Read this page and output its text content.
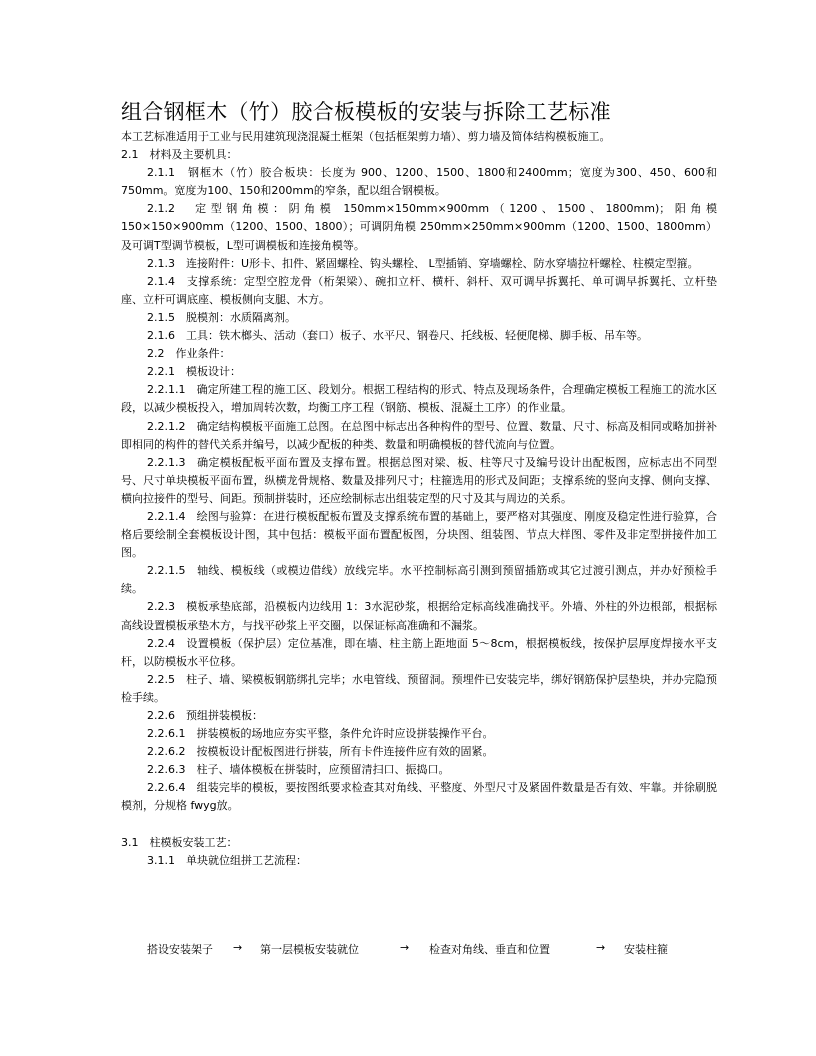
组合钢框木（竹）胶合板模板的安装与拆除工艺标准

本工艺标准适用于工业与民用建筑现浇混凝土框架（包括框架剪力墙）、剪力墙及简体结构模板施工。

2.1　材料及主要机具：

2.1.1　钢框木（竹）胶合板块：长度为 900、1200、1500、1800和2400mm；宽度为300、450、600和750mm。宽度为100、150和200mm的窄条，配以组合钢模板。

2.1.2　定型钢角模：阴角模 150mm×150mm×900mm（1200、1500、1800mm)；阳角模150×150×900mm（1200、1500、1800）；可调阴角模 250mm×250mm×900mm（1200、1500、1800mm）及可调T型调节模板，L型可调模板和连接角模等。

2.1.3　连接附件：U形卡、扣件、紧固螺栓、钩头螺栓、 L型插销、穿墙螺栓、防水穿墙拉杆螺栓、柱模定型箍。

2.1.4　支撑系统：定型空腔龙骨（桁架梁）、碗扣立杆、横杆、斜杆、双可调早拆翼托、单可调早拆翼托、立杆垫座、立杆可调底座、模板侧向支腿、木方。

2.1.5　脱模剂：水质隔离剂。

2.1.6　工具：铁木榔头、活动（套口）板子、水平尺、钢卷尺、托线板、轻便爬梯、脚手板、吊车等。

2.2　作业条件：

2.2.1　模板设计：

2.2.1.1　确定所建工程的施工区、段划分。根据工程结构的形式、特点及现场条件，合理确定模板工程施工的流水区段，以减少模板投入，增加周转次数，均衡工序工程（钢筋、模板、混凝土工序）的作业量。

2.2.1.2　确定结构模板平面施工总图。在总图中标志出各种构件的型号、位置、数量、尺寸、标高及相同或略加拼补即相同的构件的替代关系并编号，以减少配板的种类、数量和明确模板的替代流向与位置。

2.2.1.3　确定模板配板平面布置及支撑布置。根据总图对梁、板、柱等尺寸及编号设计出配板图，应标志出不同型号、尺寸单块模板平面布置，纵横龙骨规格、数量及排列尺寸；柱箍选用的形式及间距；支撑系统的竖向支撑、侧向支撑、横向拉接件的型号、间距。预制拼装时，还应绘制标志出组装定型的尺寸及其与周边的关系。

2.2.1.4　绘图与验算：在进行模板配板布置及支撑系统布置的基础上，要严格对其强度、刚度及稳定性进行验算，合格后要绘制全套模板设计图，其中包括：模板平面布置配板图，分块图、组装图、节点大样图、零件及非定型拼接件加工图。

2.2.1.5　轴线、模板线（或模边借线）放线完毕。水平控制标高引测到预留插筋或其它过渡引测点，并办好预检手续。

2.2.3　模板承垫底部，沿模板内边线用 1：3水泥砂浆，根据给定标高线准确找平。外墙、外柱的外边根部，根据标高线设置模板承垫木方，与找平砂浆上平交圈，以保证标高准确和不漏浆。

2.2.4　设置模板（保护层）定位基准，即在墙、柱主筋上距地面 5～8cm，根据模板线，按保护层厚度焊接水平支杆，以防模板水平位移。

2.2.5　柱子、墙、梁模板钢筋绑扎完毕；水电管线、预留洞。预埋件已安装完毕，绑好钢筋保护层垫块，并办完隐预检手续。

2.2.6　预组拼装模板：

2.2.6.1　拼装模板的场地应夯实平整，条件允许时应设拼装操作平台。

2.2.6.2　按模板设计配板图进行拼装，所有卡件连接件应有效的固紧。

2.2.6.3　柱子、墙体模板在拼装时，应预留清扫口、振捣口。

2.2.6.4　组装完毕的模板，要按图纸要求检查其对角线、平整度、外型尺寸及紧固件数量是否有效、牢靠。并徐刷脱模剂，分规格 fwyg放。

3.1　柱模板安装工艺：

3.1.1　单块就位组拼工艺流程：

搭设安装架子 → 第一层模板安装就位	→ 检查对角线、垂直和位置	→ 安装柱箍
